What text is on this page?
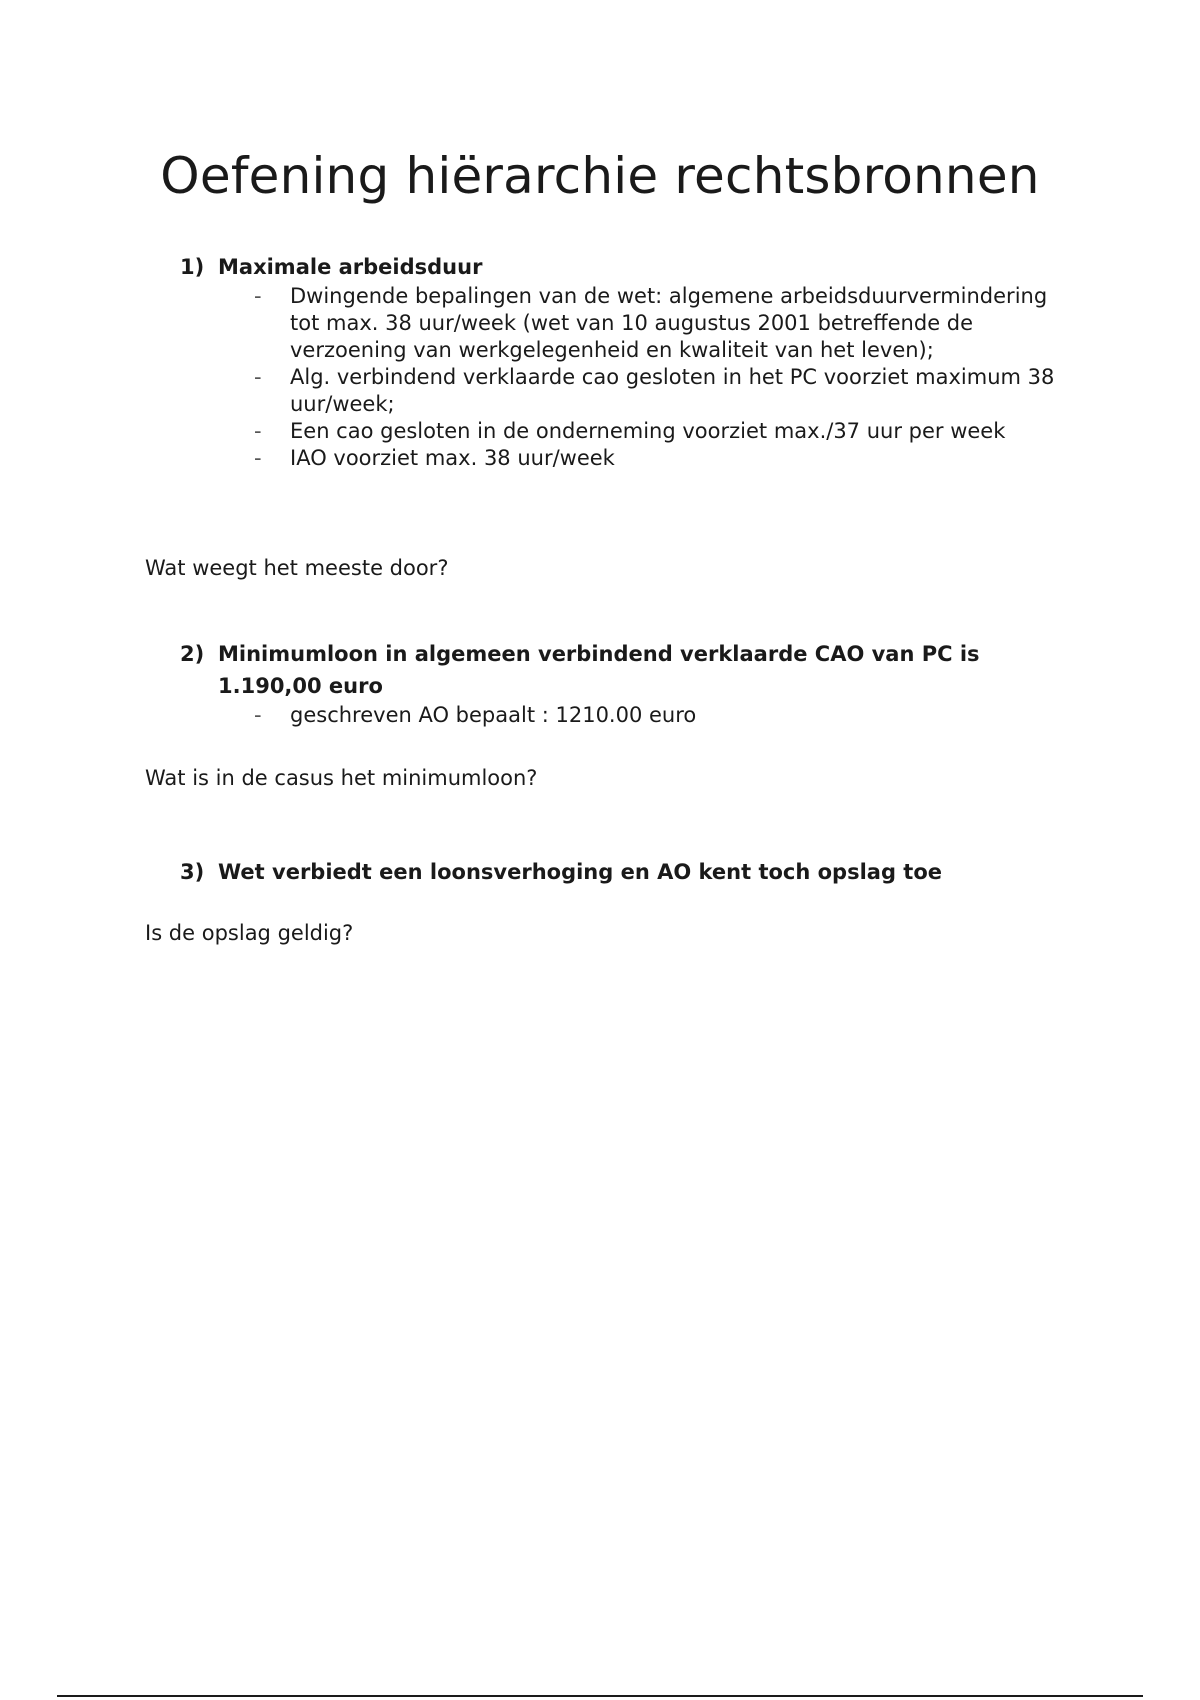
Oefening hiërarchie rechtsbronnen
1) Maximale arbeidsduur
- Dwingende bepalingen van de wet: algemene arbeidsduurvermindering tot max. 38 uur/week (wet van 10 augustus 2001 betreffende de verzoening van werkgelegenheid en kwaliteit van het leven);
- Alg. verbindend verklaarde cao gesloten in het PC voorziet maximum 38 uur/week;
- Een cao gesloten in de onderneming voorziet max./37 uur per week
- IAO voorziet max. 38 uur/week
Wat weegt het meeste door?
2) Minimumloon in algemeen verbindend verklaarde CAO van PC is 1.190,00 euro
- geschreven AO bepaalt : 1210.00 euro
Wat is in de casus het minimumloon?
3) Wet verbiedt een loonsverhoging en AO kent toch opslag toe
Is de opslag geldig?
